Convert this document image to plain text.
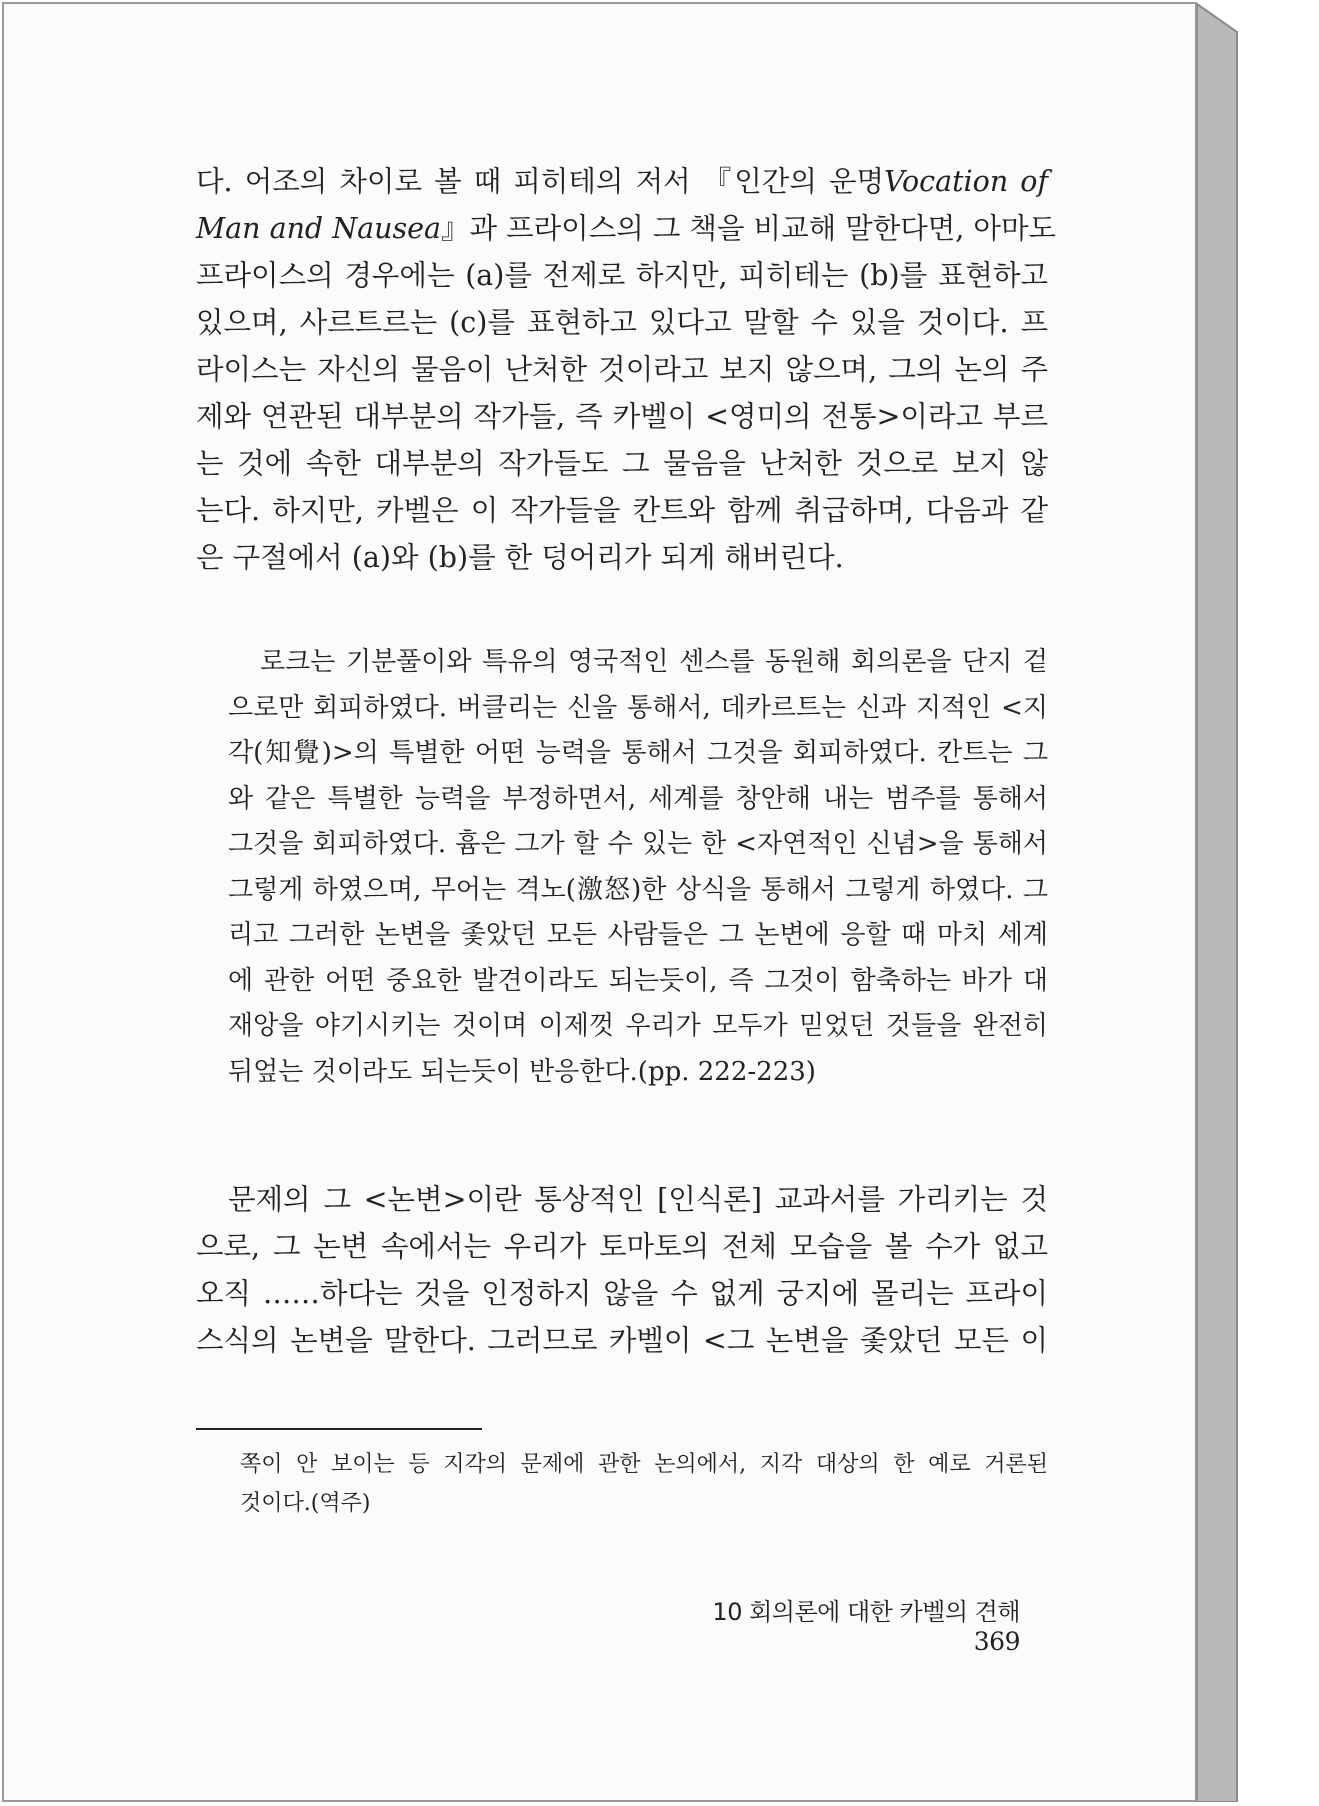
다. 어조의 차이로 볼 때 피히테의 저서 『인간의 운명Vocation of
Man and Nausea』과 프라이스의 그 책을 비교해 말한다면, 아마도
프라이스의 경우에는 (a)를 전제로 하지만, 피히테는 (b)를 표현하고
있으며, 사르트르는 (c)를 표현하고 있다고 말할 수 있을 것이다. 프
라이스는 자신의 물음이 난처한 것이라고 보지 않으며, 그의 논의 주
제와 연관된 대부분의 작가들, 즉 카벨이 <영미의 전통>이라고 부르
는 것에 속한 대부분의 작가들도 그 물음을 난처한 것으로 보지 않
는다. 하지만, 카벨은 이 작가들을 칸트와 함께 취급하며, 다음과 같
은 구절에서 (a)와 (b)를 한 덩어리가 되게 해버린다.
로크는 기분풀이와 특유의 영국적인 센스를 동원해 회의론을 단지 겉
으로만 회피하였다. 버클리는 신을 통해서, 데카르트는 신과 지적인 <지
각(知覺)>의 특별한 어떤 능력을 통해서 그것을 회피하였다. 칸트는 그
와 같은 특별한 능력을 부정하면서, 세계를 창안해 내는 범주를 통해서
그것을 회피하였다. 흄은 그가 할 수 있는 한 <자연적인 신념>을 통해서
그렇게 하였으며, 무어는 격노(激怒)한 상식을 통해서 그렇게 하였다. 그
리고 그러한 논변을 좇았던 모든 사람들은 그 논변에 응할 때 마치 세계
에 관한 어떤 중요한 발견이라도 되는듯이, 즉 그것이 함축하는 바가 대
재앙을 야기시키는 것이며 이제껏 우리가 모두가 믿었던 것들을 완전히
뒤엎는 것이라도 되는듯이 반응한다.(pp. 222-223)
문제의 그 <논변>이란 통상적인 [인식론] 교과서를 가리키는 것
으로, 그 논변 속에서는 우리가 토마토의 전체 모습을 볼 수가 없고
오직 ……하다는 것을 인정하지 않을 수 없게 궁지에 몰리는 프라이
스식의 논변을 말한다. 그러므로 카벨이 <그 논변을 좇았던 모든 이
쪽이 안 보이는 등 지각의 문제에 관한 논의에서, 지각 대상의 한 예로 거론된
것이다.(역주)
10 회의론에 대한 카벨의 견해369
